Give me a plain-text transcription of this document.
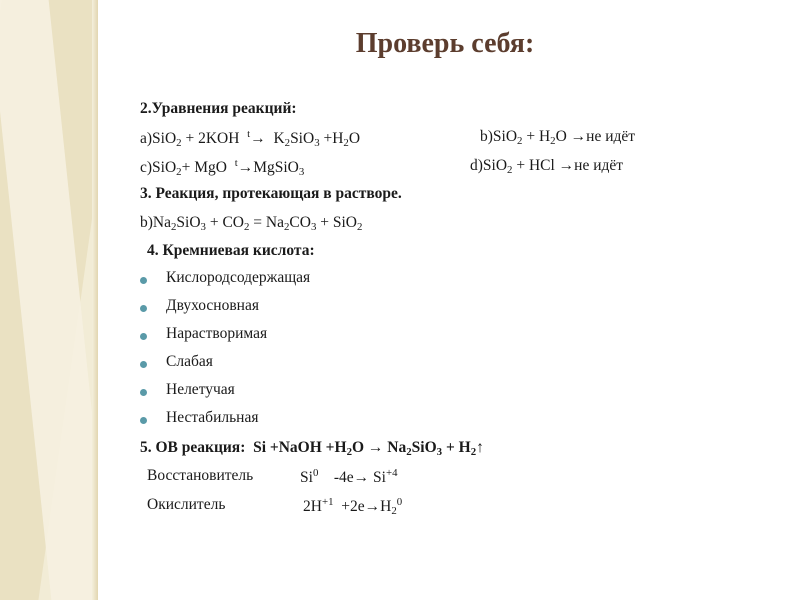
Проверь себя:
2.Уравнения реакций:
a)SiO$_2$ + 2KOH  $^t\to K_2SiO_3 +H_2O$	$b)SiO_2 + H_2O \to не$ идёт
c)SiO$_2$+ MgO  $^t$→MgSiO$_3$	d)SiO$_2$ + HCl →не идёт
3. Реакция, протекающая в растворе.
$b)Na_2SiO_3 + CO_2 = Na_2CO_3 + SiO_2$
4. Кремниевая кислота:
Кислородсодержащая
Двухосновная
Нарастворимая
Слабая
Нелетучая
Нестабильная
5. ОВ реакция:  Si +NaOH $+H_2O \to Na_2SiO_3$ + $H_2↑$
Восстановитель	Si$^0$    $-4e\to Si^{+4}$
Окислитель	$2H^{+1} +2e\to H_2^0$
